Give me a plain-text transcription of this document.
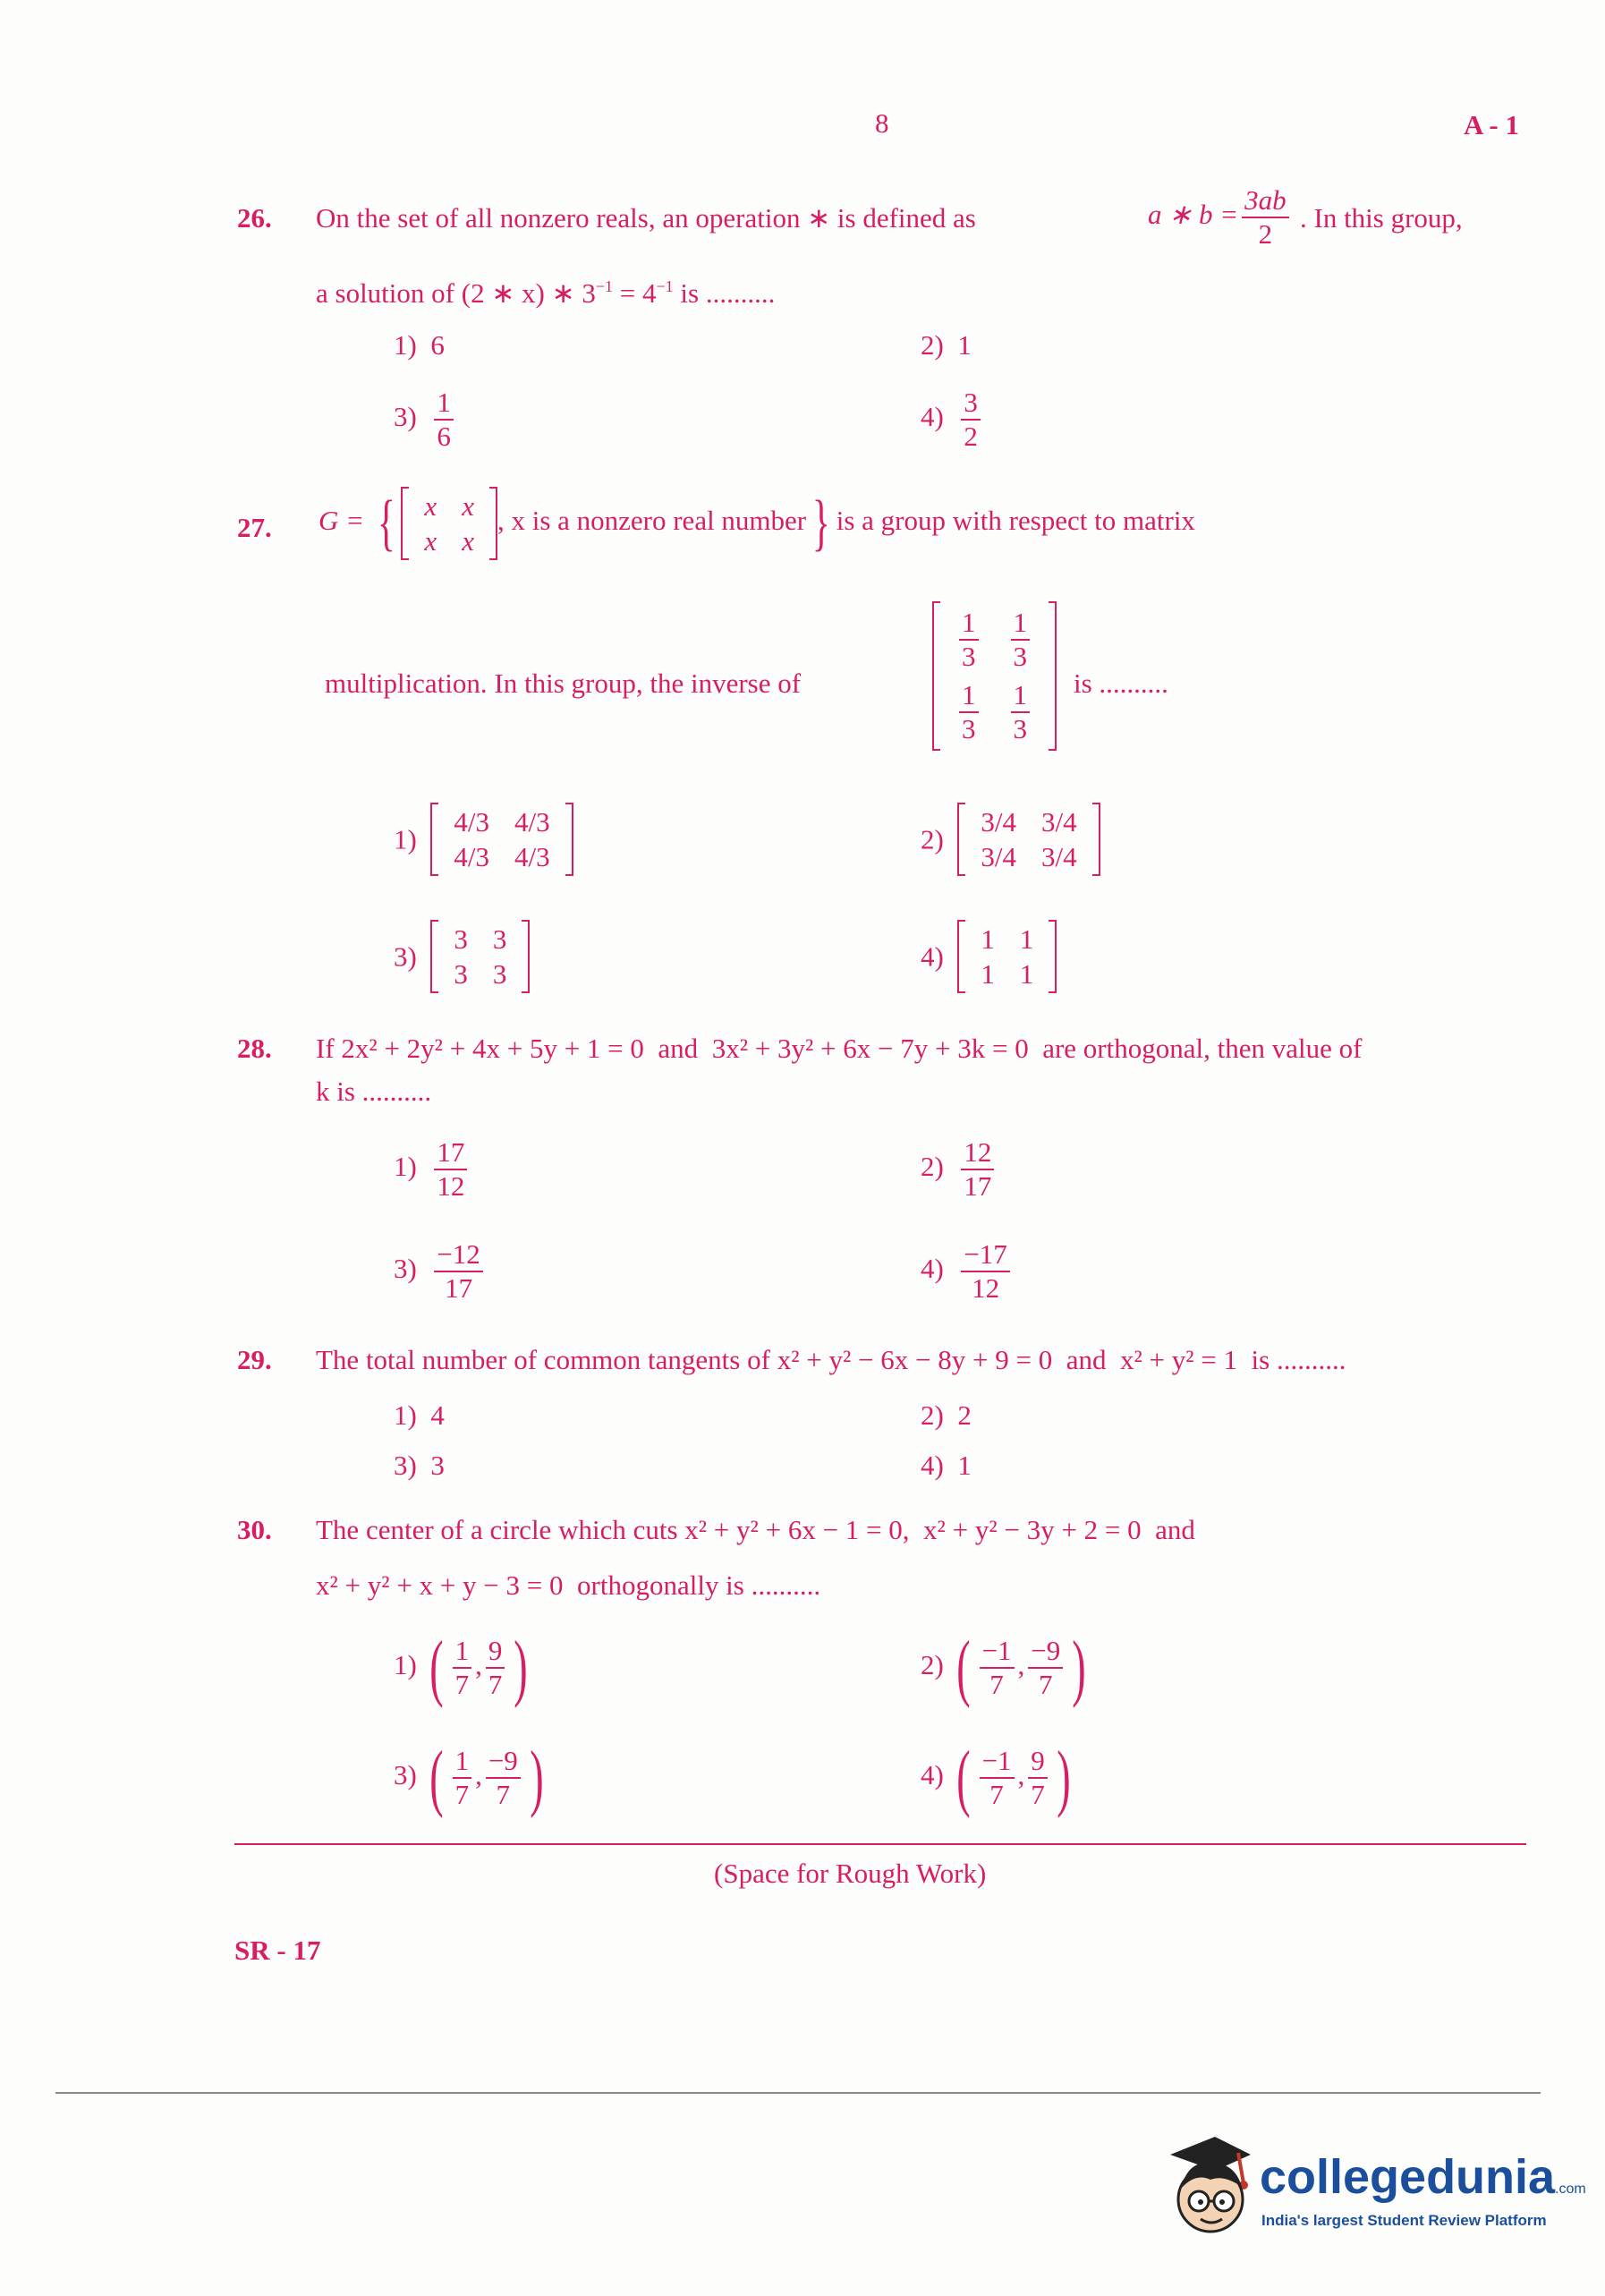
8	A - 1
26. On the set of all nonzero reals, an operation ∗ is defined as	a ∗ $b = \frac{3ab}{2}$ . In this group,
a solution of (2 ∗ x) ∗ $3^{-1} = 4^{-1}$ is ..........
1) 6	2) 1
$3) \frac{1}{6}$	$4) \frac{3}{2}$
27. G = { x	x
x	x
, x is a nonzero real number} is a group with respect to matrix
multiplication. In this group, the inverse of
$\frac{1}{3}$	$\frac{1}{3}$

$\frac{1}{3}$	$\frac{1}{3}$ is ..........
1)
4/3	4/3
4/3	4/3
2)
3/4	3/4
3/4	3/4
3)
3	3
3	3
4)
1	1
1	1
28. If 2x² + 2y² + 4x + 5y + 1 = 0 and 3x² + 3y² + 6x − 7y + 3k = 0 are orthogonal, then value of
k is ..........
$1) \frac{17}{12}$	$2) \frac{12}{17}$
$3) \frac{-12}{17}$	$4) \frac{-17}{12}$
29. The total number of common tangents of x² + y² − 6x − 8y + 9 = 0 and x² + y² = 1 is ..........
1) 4	2) 2
3) 3	4) 1
30. The center of a circle which cuts x² + y² + 6x − 1 = 0, x² + y² − 3y + 2 = 0 and
x² + y² + x + y − 3 = 0 orthogonally is ..........
1) ( $\frac{1}{7}$ , $\frac{9}{7}$ )	2) ( $\frac{-1}{7}$ , $\frac{-9}{7}$ )
3) ( $\frac{1}{7}$ , $\frac{-9}{7}$ )	4) ( $\frac{-1}{7}$ , $\frac{9}{7}$ )
(Space for Rough Work)
SR - 17
collegedunia.com
India's largest Student Review Platform
